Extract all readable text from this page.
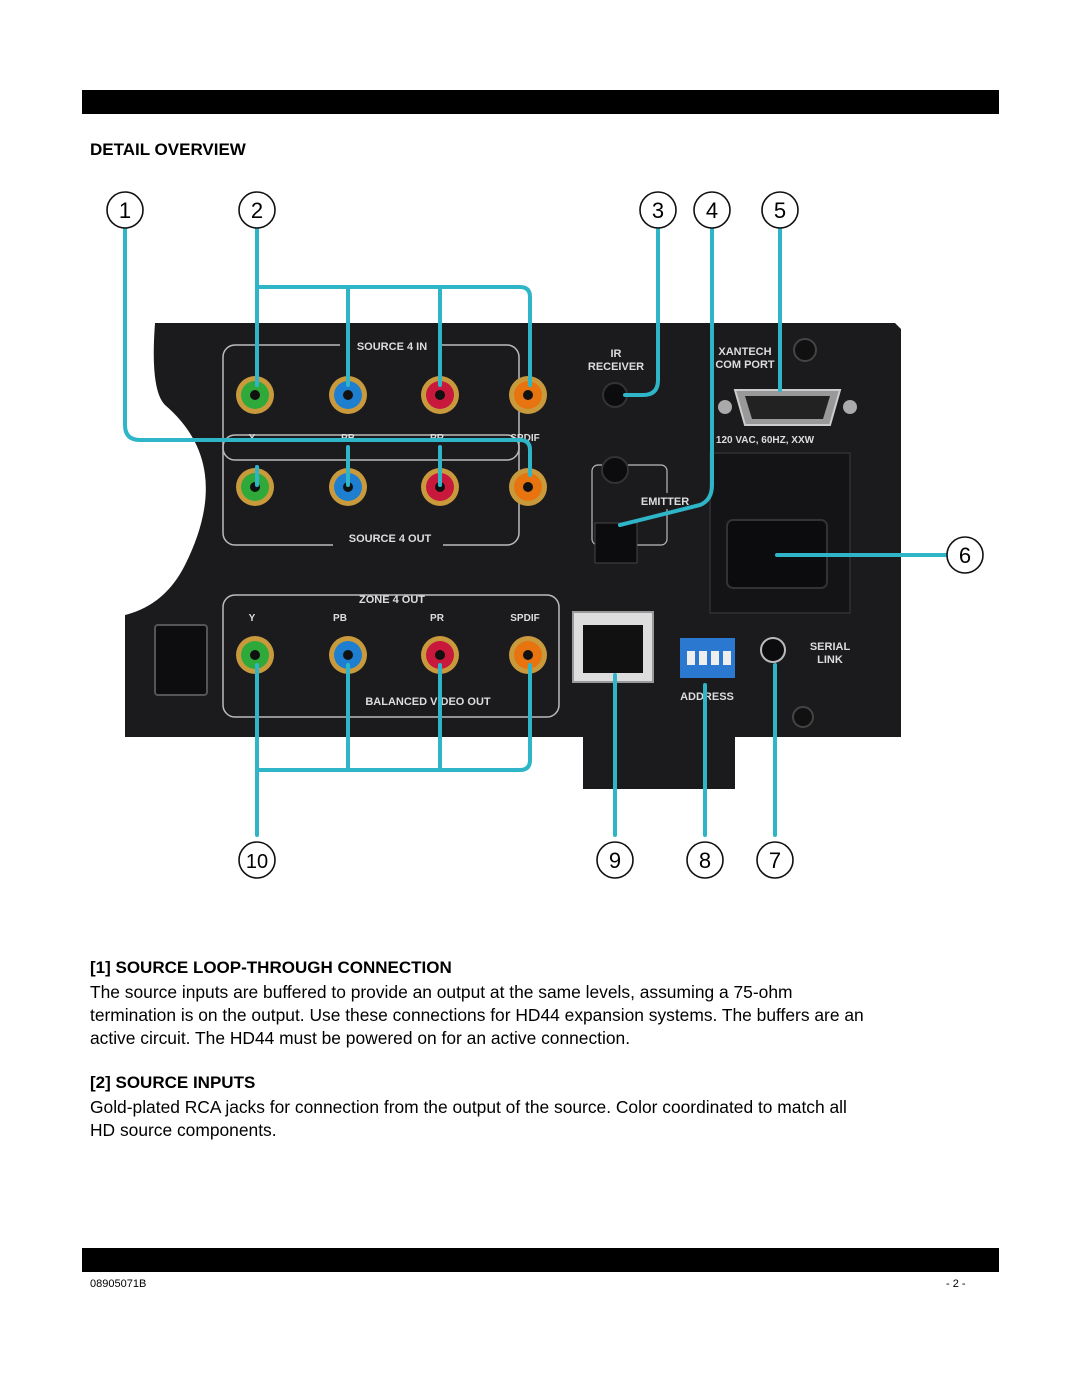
DETAIL OVERVIEW
SOURCE 4 IN
SOURCE 4 OUT
ZONE 4 OUT
BALANCED VIDEO OUT
Y	PB	PR	SPDIF
Y	PB	PR	SPDIF
IR
RECEIVER
XANTECH
COM PORT
120 VAC, 60HZ, XXW
EMITTER
ADDRESS
SERIAL
LINK
1	2	3 4	5
6
7
8
9
10
[1] SOURCE LOOP-THROUGH CONNECTION
The source inputs are buffered to provide an output at the same levels, assuming a 75-ohm
termination is on the output. Use these connections for HD44 expansion systems. The buffers are an
active circuit. The HD44 must be powered on for an active connection.
[2] SOURCE INPUTS
Gold-plated RCA jacks for connection from the output of the source. Color coordinated to match all
HD source components.
08905071B	- 2 -
